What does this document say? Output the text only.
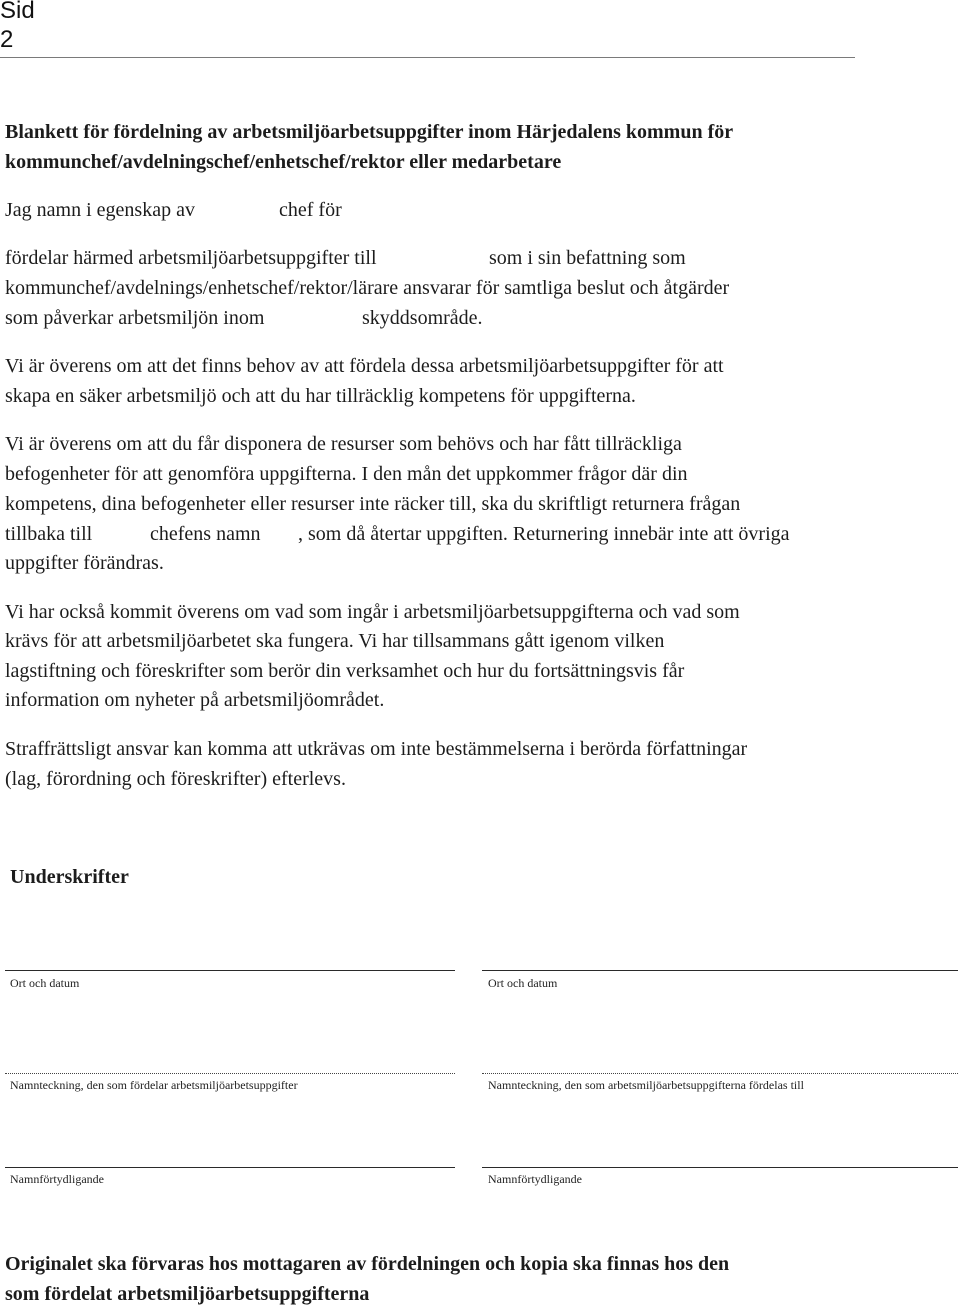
Sid
2
Blankett för fördelning av arbetsmiljöarbetsuppgifter inom Härjedalens kommun för
kommunchef/avdelningschef/enhetschef/rektor eller medarbetare
Jag namn i egenskap av	chef för
fördelar härmed arbetsmiljöarbetsuppgifter till	som i sin befattning som
kommunchef/avdelnings/enhetschef/rektor/lärare ansvarar för samtliga beslut och åtgärder
som påverkar arbetsmiljön inom	skyddsområde.
Vi är överens om att det finns behov av att fördela dessa arbetsmiljöarbetsuppgifter för att
skapa en säker arbetsmiljö och att du har tillräcklig kompetens för uppgifterna.
Vi är överens om att du får disponera de resurser som behövs och har fått tillräckliga
befogenheter för att genomföra uppgifterna. I den mån det uppkommer frågor där din
kompetens, dina befogenheter eller resurser inte räcker till, ska du skriftligt returnera frågan
tillbaka till	chefens namn , som då återtar uppgiften. Returnering innebär inte att övriga
uppgifter förändras.
Vi har också kommit överens om vad som ingår i arbetsmiljöarbetsuppgifterna och vad som
krävs för att arbetsmiljöarbetet ska fungera. Vi har tillsammans gått igenom vilken
lagstiftning och föreskrifter som berör din verksamhet och hur du fortsättningsvis får
information om nyheter på arbetsmiljöområdet.
Straffrättsligt ansvar kan komma att utkrävas om inte bestämmelserna i berörda författningar
(lag, förordning och föreskrifter) efterlevs.
Underskrifter
Ort och datum	Ort och datum
Namnteckning, den som fördelar arbetsmiljöarbetsuppgifter	Namnteckning, den som arbetsmiljöarbetsuppgifterna fördelas till
Namnförtydligande	Namnförtydligande
Originalet ska förvaras hos mottagaren av fördelningen och kopia ska finnas hos den
som fördelat arbetsmiljöarbetsuppgifterna
